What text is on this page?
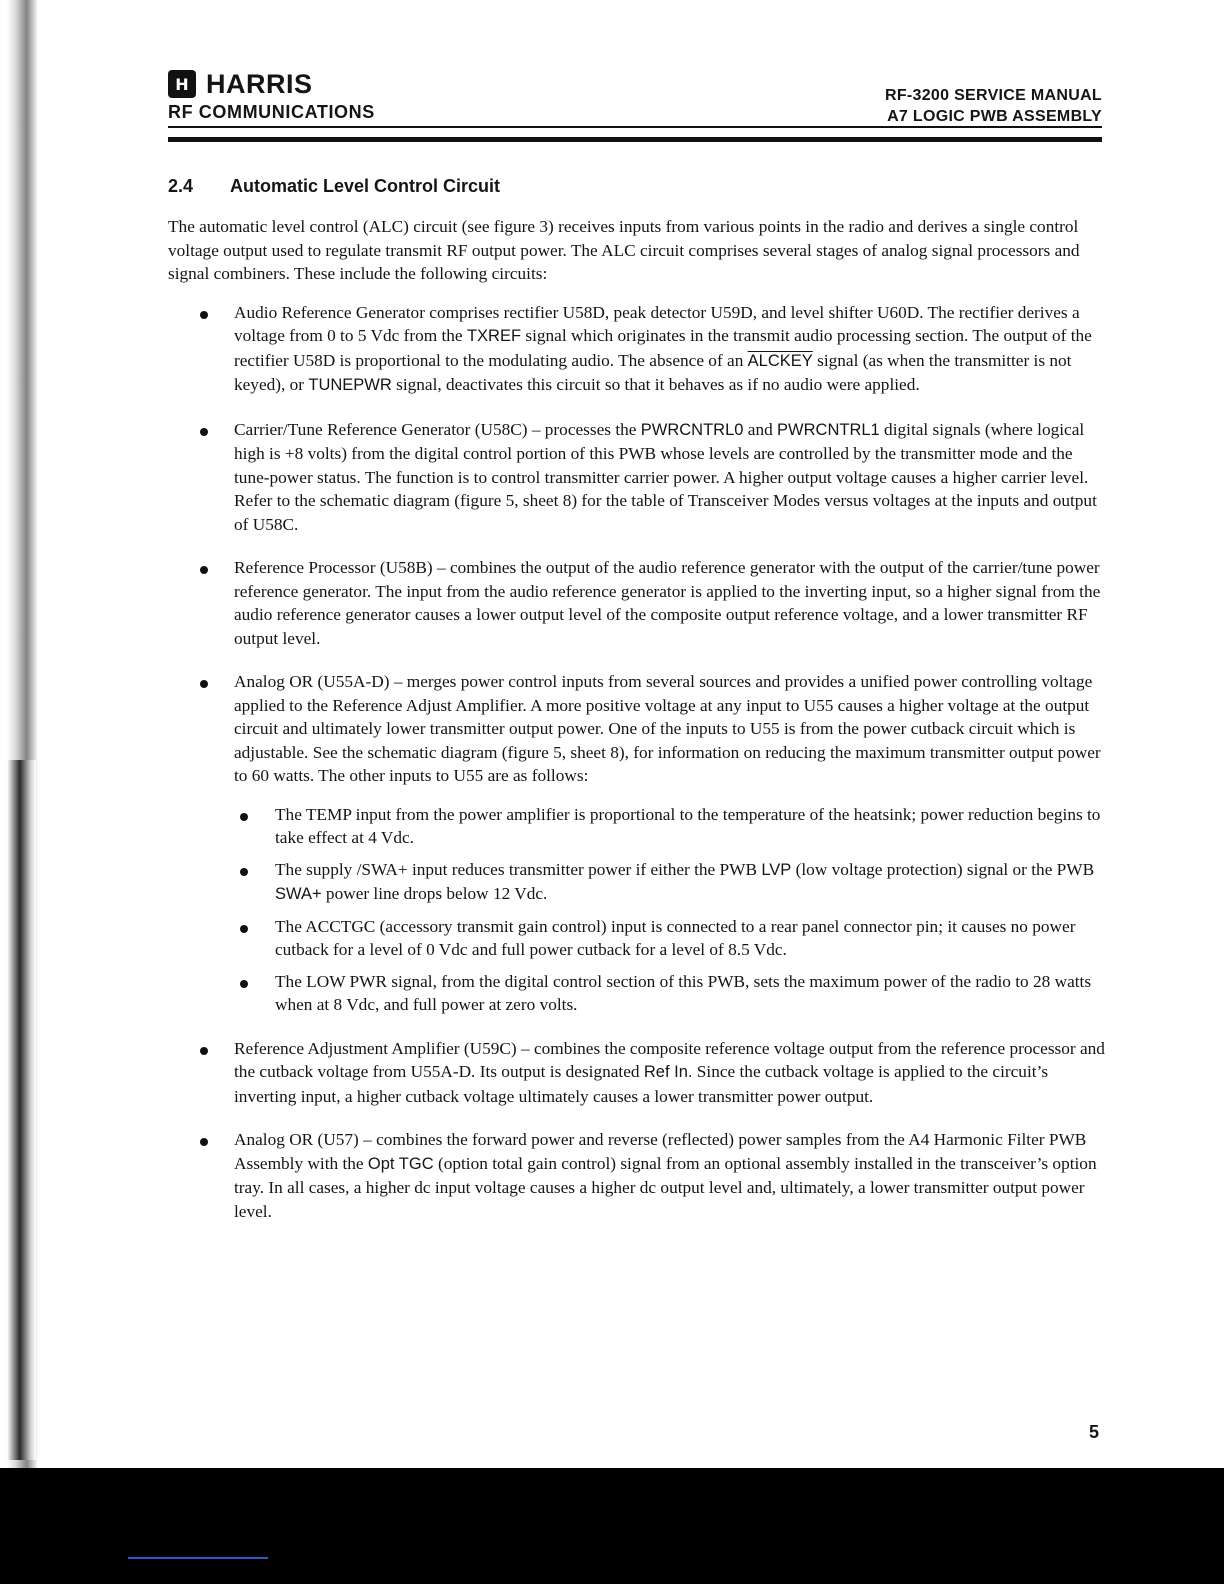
H HARRIS
RF COMMUNICATIONS
RF-3200 SERVICE MANUAL
A7 LOGIC PWB ASSEMBLY
2.4 Automatic Level Control Circuit

The automatic level control (ALC) circuit (see figure 3) receives inputs from various points in the radio and derives a single control voltage output used to regulate transmit RF output power. The ALC circuit comprises several stages of analog signal processors and signal combiners. These include the following circuits:

Audio Reference Generator comprises rectifier U58D, peak detector U59D, and level shifter U60D. The rectifier derives a voltage from 0 to 5 Vdc from the TXREF signal which originates in the transmit audio processing section. The output of the rectifier U58D is proportional to the modulating audio. The absence of an ALCKEY signal (as when the transmitter is not keyed), or TUNEPWR signal, deactivates this circuit so that it behaves as if no audio were applied.
Carrier/Tune Reference Generator (U58C) – processes the PWRCNTRL0 and PWRCNTRL1 digital signals (where logical high is +8 volts) from the digital control portion of this PWB whose levels are controlled by the transmitter mode and the tune-power status. The function is to control transmitter carrier power. A higher output voltage causes a higher carrier level. Refer to the schematic diagram (figure 5, sheet 8) for the table of Transceiver Modes versus voltages at the inputs and output of U58C.
Reference Processor (U58B) – combines the output of the audio reference generator with the output of the carrier/tune power reference generator. The input from the audio reference generator is applied to the inverting input, so a higher signal from the audio reference generator causes a lower output level of the composite output reference voltage, and a lower transmitter RF output level.
Analog OR (U55A-D) – merges power control inputs from several sources and provides a unified power controlling voltage applied to the Reference Adjust Amplifier. A more positive voltage at any input to U55 causes a higher voltage at the output circuit and ultimately lower transmitter output power. One of the inputs to U55 is from the power cutback circuit which is adjustable. See the schematic diagram (figure 5, sheet 8), for information on reducing the maximum transmitter output power to 60 watts. The other inputs to U55 are as follows:
The TEMP input from the power amplifier is proportional to the temperature of the heatsink; power reduction begins to take effect at 4 Vdc.
The supply /SWA+ input reduces transmitter power if either the PWB LVP (low voltage protection) signal or the PWB SWA+ power line drops below 12 Vdc.
The ACCTGC (accessory transmit gain control) input is connected to a rear panel connector pin; it causes no power cutback for a level of 0 Vdc and full power cutback for a level of 8.5 Vdc.
The LOW PWR signal, from the digital control section of this PWB, sets the maximum power of the radio to 28 watts when at 8 Vdc, and full power at zero volts.
Reference Adjustment Amplifier (U59C) – combines the composite reference voltage output from the reference processor and the cutback voltage from U55A-D. Its output is designated Ref In. Since the cutback voltage is applied to the circuit’s inverting input, a higher cutback voltage ultimately causes a lower transmitter power output.
Analog OR (U57) – combines the forward power and reverse (reflected) power samples from the A4 Harmonic Filter PWB Assembly with the Opt TGC (option total gain control) signal from an optional assembly installed in the transceiver’s option tray. In all cases, a higher dc input voltage causes a higher dc output level and, ultimately, a lower transmitter output power level.
5
